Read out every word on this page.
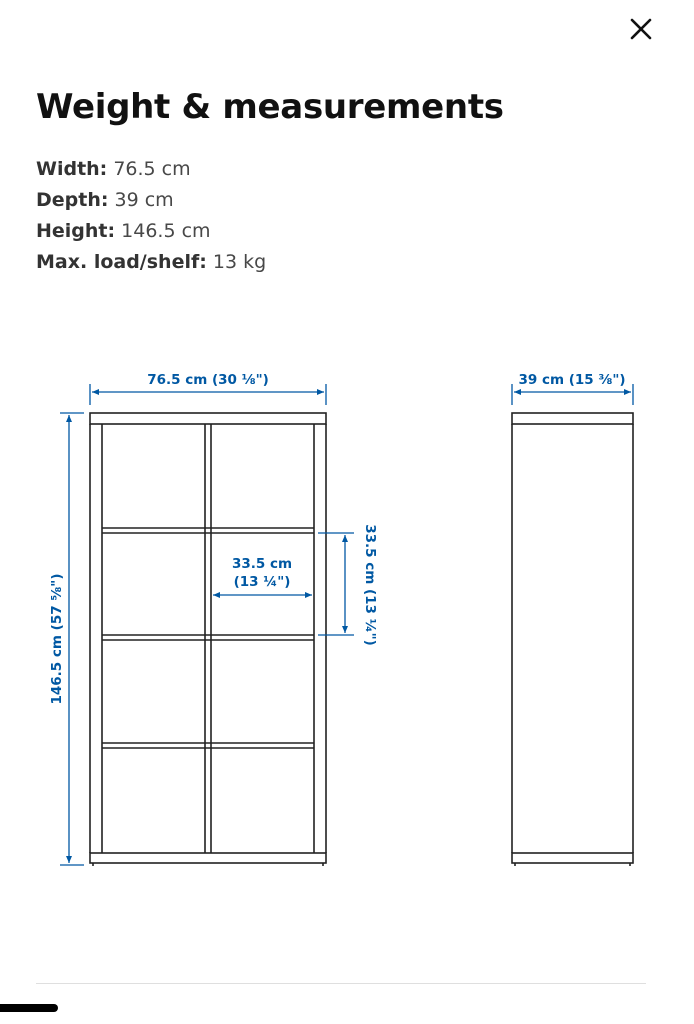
Weight & measurements
Width: 76.5 cm
Depth: 39 cm
Height: 146.5 cm
Max. load/shelf: 13 kg
76.5 cm (30 ⅛")
146.5 cm (57 ⅝")
33.5 cm
(13 ¼")	33.5 cm (13 ¼")
39 cm (15 ⅜")
